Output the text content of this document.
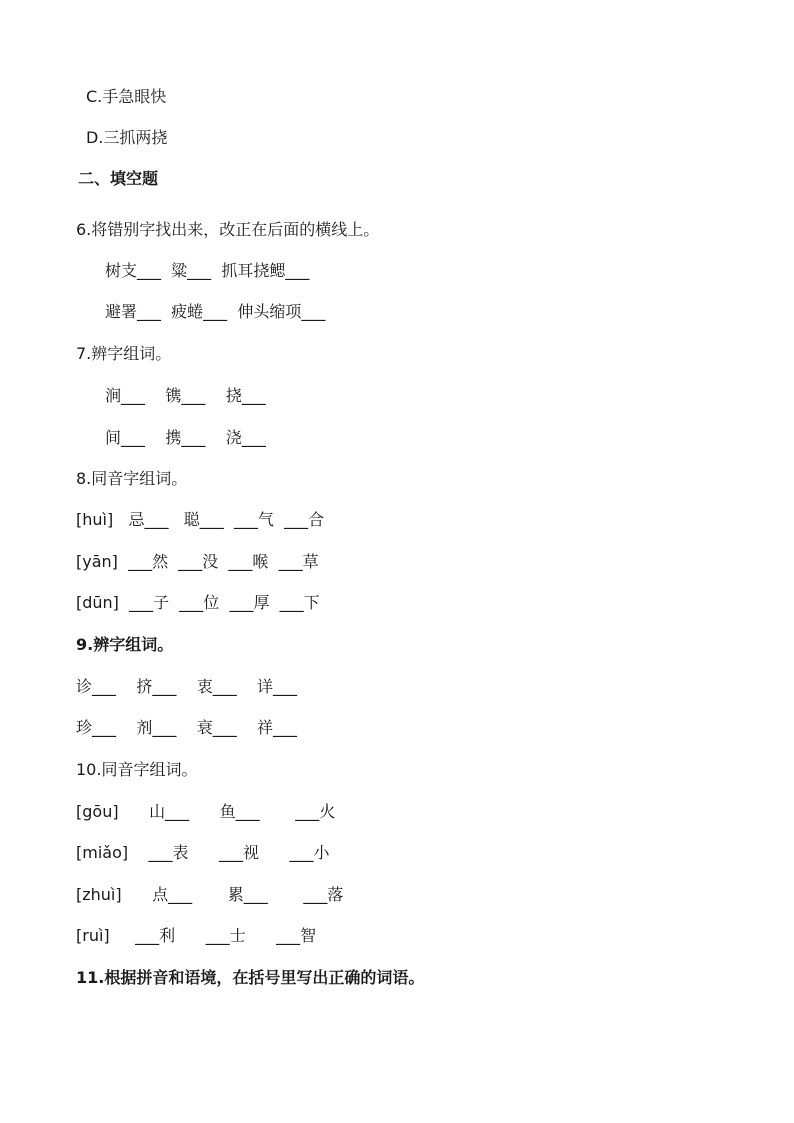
C.手急眼快
D.三抓两挠
二、填空题
6.将错别字找出来，改正在后面的横线上。
树支___  粱___  抓耳挠鳃___
避署___  疲蜷___  伸头缩项___
7.辨字组词。
涧___    镌___    挠___
间___    携___    浇___
8.同音字组词。
[huì]   忌___   聪___  ___气  ___合
[yān]  ___然  ___没  ___喉  ___草
[dūn]  ___子  ___位  ___厚  ___下
9.辨字组词。
诊___    挤___    衷___    详___
珍___    剂___    衰___    祥___
10.同音字组词。
[gōu]      山___      鱼___       ___火
[miǎo]    ___表      ___视      ___小
[zhuì]      点___       累___       ___落
[ruì]     ___利      ___士      ___智
11.根据拼音和语境，在括号里写出正确的词语。
